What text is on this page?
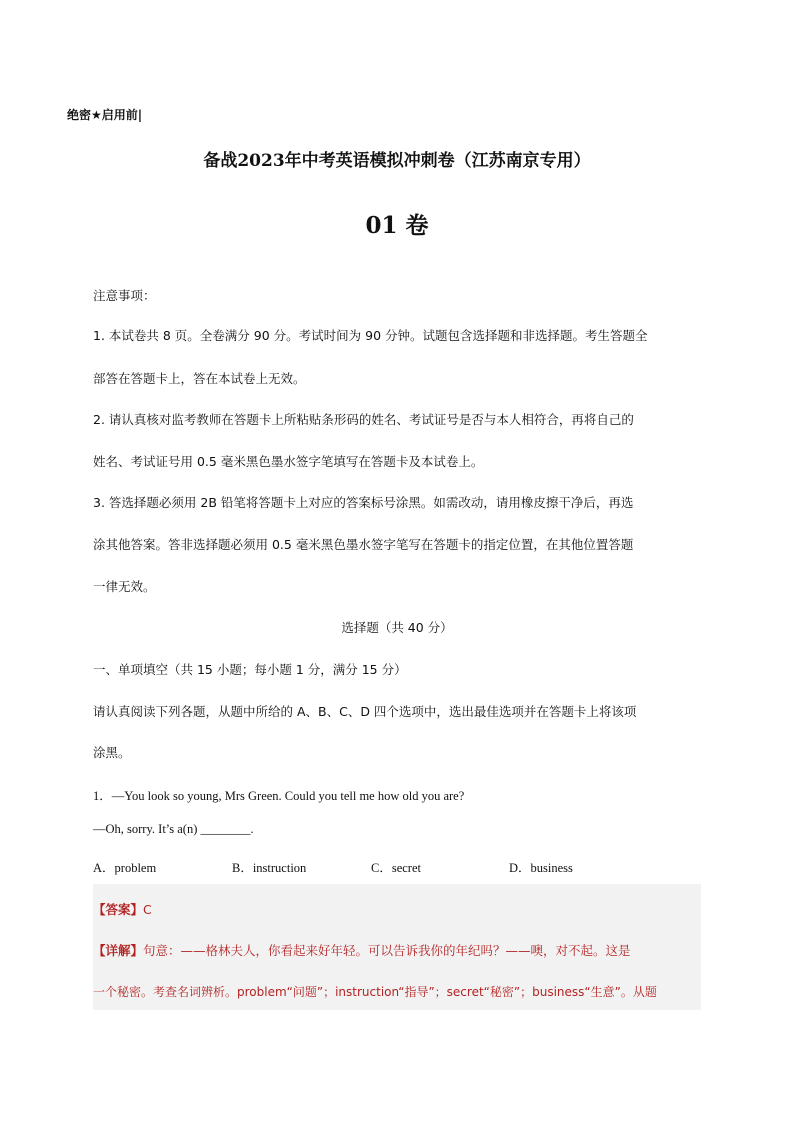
绝密★启用前|
备战2023年中考英语模拟冲刺卷（江苏南京专用）
01 卷
注意事项：
1. 本试卷共 8 页。全卷满分 90 分。考试时间为 90 分钟。试题包含选择题和非选择题。考生答题全
部答在答题卡上，答在本试卷上无效。
2. 请认真核对监考教师在答题卡上所粘贴条形码的姓名、考试证号是否与本人相符合，再将自己的
姓名、考试证号用 0.5 毫米黑色墨水签字笔填写在答题卡及本试卷上。
3. 答选择题必须用 2B 铅笔将答题卡上对应的答案标号涂黑。如需改动，请用橡皮擦干净后，再选
涂其他答案。答非选择题必须用 0.5 毫米黑色墨水签字笔写在答题卡的指定位置，在其他位置答题
一律无效。
选择题（共 40 分）
一、单项填空（共 15 小题；每小题 1 分，满分 15 分）
请认真阅读下列各题，从题中所给的 A、B、C、D 四个选项中，选出最佳选项并在答题卡上将该项
涂黑。
1．—You look so young, Mrs Green. Could you tell me how old you are?
—Oh, sorry. It’s a(n) ________.
A．problem	B．instruction	C．secret	D．business
【答案】C
【详解】句意：——格林夫人，你看起来好年轻。可以告诉我你的年纪吗？——噢，对不起。这是
一个秘密。考查名词辨析。problem“问题”；instruction“指导”；secret“秘密”；business“生意”。从题
